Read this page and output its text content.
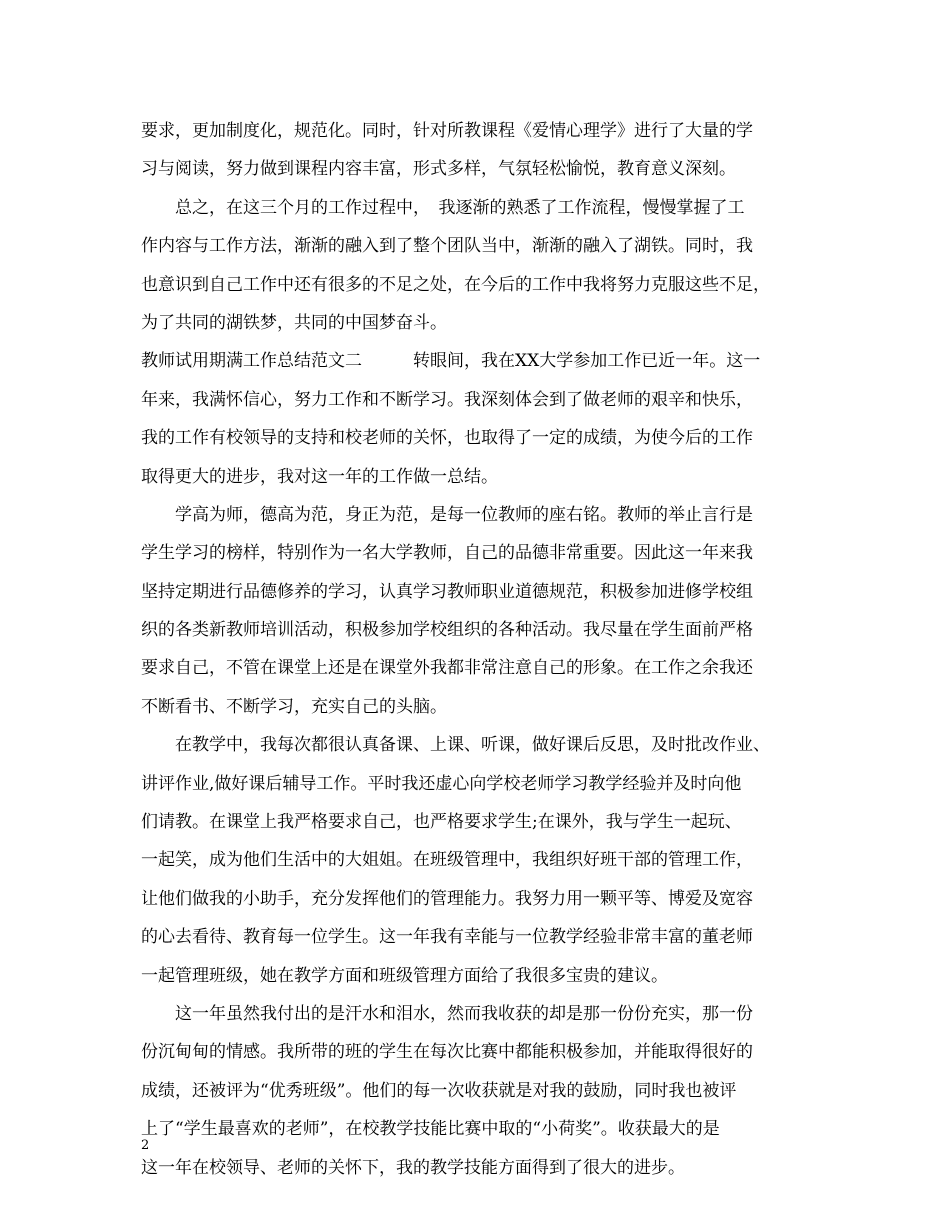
要求，更加制度化，规范化。同时，针对所教课程《爱情心理学》进行了大量的学
习与阅读，努力做到课程内容丰富，形式多样，气氛轻松愉悦，教育意义深刻。
　　总之，在这三个月的工作过程中，　我逐渐的熟悉了工作流程，慢慢掌握了工
作内容与工作方法，渐渐的融入到了整个团队当中，渐渐的融入了湖铁。同时，我
也意识到自己工作中还有很多的不足之处，在今后的工作中我将努力克服这些不足，
为了共同的湖铁梦，共同的中国梦奋斗。
教师试用期满工作总结范文二　　　转眼间，我在XX大学参加工作已近一年。这一
年来，我满怀信心，努力工作和不断学习。我深刻体会到了做老师的艰辛和快乐，
我的工作有校领导的支持和校老师的关怀，也取得了一定的成绩，为使今后的工作
取得更大的进步，我对这一年的工作做一总结。
　　学高为师，德高为范，身正为范，是每一位教师的座右铭。教师的举止言行是
学生学习的榜样，特别作为一名大学教师，自己的品德非常重要。因此这一年来我
坚持定期进行品德修养的学习，认真学习教师职业道德规范，积极参加进修学校组
织的各类新教师培训活动，积极参加学校组织的各种活动。我尽量在学生面前严格
要求自己，不管在课堂上还是在课堂外我都非常注意自己的形象。在工作之余我还
不断看书、不断学习，充实自己的头脑。
　　在教学中，我每次都很认真备课、上课、听课，做好课后反思，及时批改作业、
讲评作业,做好课后辅导工作。平时我还虚心向学校老师学习教学经验并及时向他
们请教。在课堂上我严格要求自己，也严格要求学生;在课外，我与学生一起玩、
一起笑，成为他们生活中的大姐姐。在班级管理中，我组织好班干部的管理工作，
让他们做我的小助手，充分发挥他们的管理能力。我努力用一颗平等、博爱及宽容
的心去看待、教育每一位学生。这一年我有幸能与一位教学经验非常丰富的董老师
一起管理班级，她在教学方面和班级管理方面给了我很多宝贵的建议。
　　这一年虽然我付出的是汗水和泪水，然而我收获的却是那一份份充实，那一份
份沉甸甸的情感。我所带的班的学生在每次比赛中都能积极参加，并能取得很好的
成绩，还被评为“优秀班级”。他们的每一次收获就是对我的鼓励，同时我也被评
上了“学生最喜欢的老师”，在校教学技能比赛中取的“小荷奖”。收获最大的是
这一年在校领导、老师的关怀下，我的教学技能方面得到了很大的进步。
2
